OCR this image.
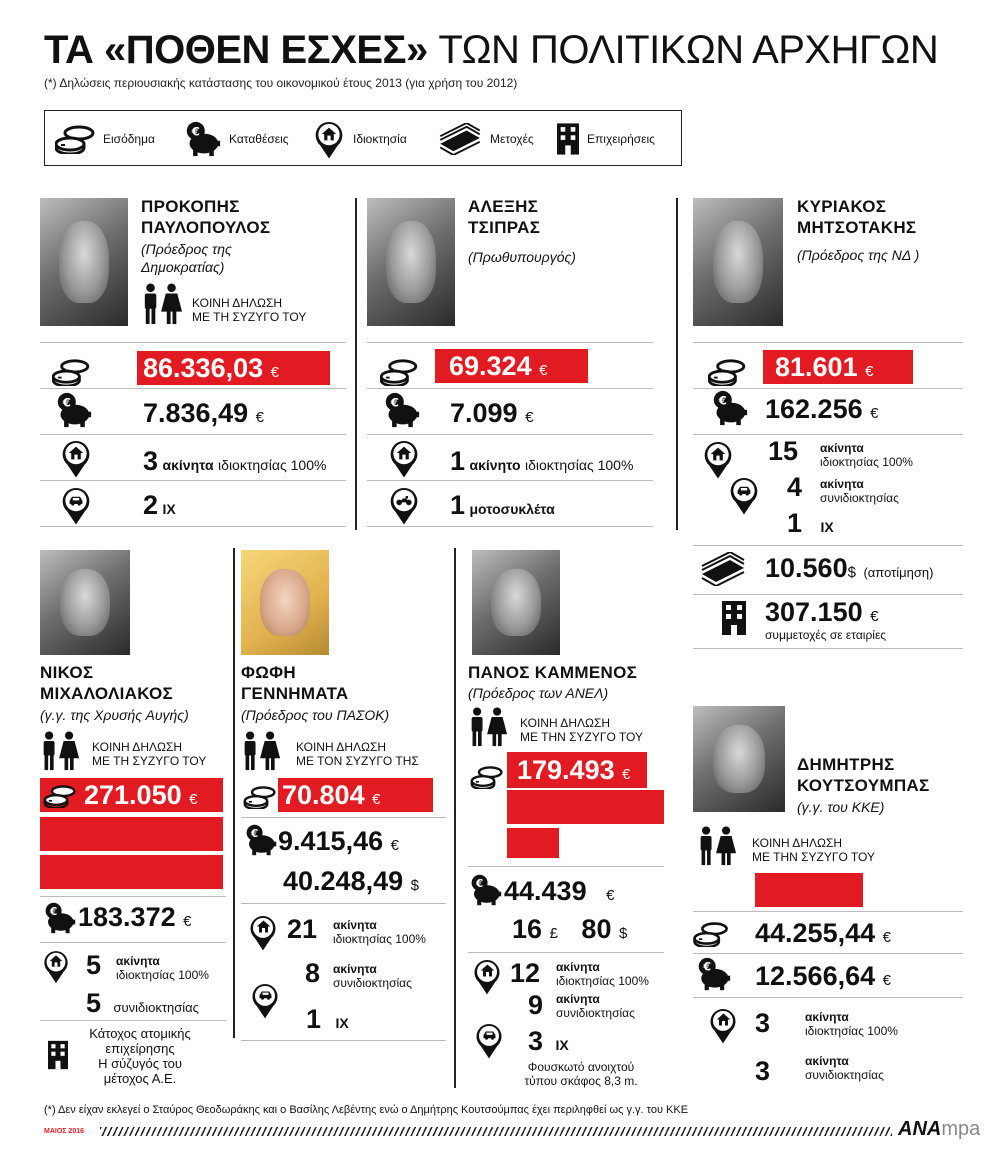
ΤΑ «ΠΟΘΕΝ ΕΣΧΕΣ» ΤΩΝ ΠΟΛΙΤΙΚΩΝ ΑΡΧΗΓΩΝ
(*) Δηλώσεις περιουσιακής κατάστασης του οικονομικού έτους 2013 (για χρήση του 2012)
Εισόδημα	Καταθέσεις	Ιδιοκτησία	Μετοχές	Επιχειρήσεις
ΠΡΟΚΟΠΗΣ
ΠΑΥΛΟΠΟΥΛΟΣ
(Πρόεδρος της
Δημοκρατίας)
ΚΟΙΝΗ ΔΗΛΩΣΗ
ΜΕ ΤΗ ΣΥΖΥΓΟ ΤΟΥ
86.336,03 €
7.836,49 €
3 ακίνητα ιδιοκτησίας 100%
2 ΙΧ
ΑΛΕΞΗΣ
ΤΣΙΠΡΑΣ
(Πρωθυπουργός)
69.324 €
7.099 €
1 ακίνητο ιδιοκτησίας 100%
1 μοτοσυκλέτα
ΚΥΡΙΑΚΟΣ
ΜΗΤΣΟΤΑΚΗΣ
(Πρόεδρος της ΝΔ )
81.601 €
162.256 €
15 ακίνητα
ιδιοκτησίας 100%
4 ακίνητα
συνιδιοκτησίας
1 ΙΧ
10.560$ (αποτίμηση)
307.150 €
συμμετοχές σε εταιρίες
ΝΙΚΟΣ
ΜΙΧΑΛΟΛΙΑΚΟΣ
(γ.γ. της Χρυσής Αυγής)
ΚΟΙΝΗ ΔΗΛΩΣΗ
ΜΕ ΤΗ ΣΥΖΥΓΟ ΤΟΥ
271.050 €
183.372 €
5 ακίνητα
ιδιοκτησίας 100%
5 συνιδιοκτησίας
Κάτοχος ατομικής
επιχείρησης
Η σύζυγός του
μέτοχος Α.Ε.
ΦΩΦΗ
ΓΕΝΝΗΜΑΤΑ
(Πρόεδρος του ΠΑΣΟΚ)
ΚΟΙΝΗ ΔΗΛΩΣΗ
ΜΕ ΤΟΝ ΣΥΖΥΓΟ ΤΗΣ
70.804 €
9.415,46 €
40.248,49 $
21 ακίνητα
ιδιοκτησίας 100%
8 ακίνητα
συνιδιοκτησίας
1 ΙΧ
ΠΑΝΟΣ ΚΑΜΜΕΝΟΣ
(Πρόεδρος των ΑΝΕΛ)
ΚΟΙΝΗ ΔΗΛΩΣΗ
ΜΕ ΤΗΝ ΣΥΖΥΓΟ ΤΟΥ
179.493 €
44.439 €
16 £ 80 $
12 ακίνητα
ιδιοκτησίας 100%
9 ακίνητα
συνιδιοκτησίας
3 ΙΧ
Φουσκωτό ανοιχτού
τύπου σκάφος 8,3 m.
ΔΗΜΗΤΡΗΣ
ΚΟΥΤΣΟΥΜΠΑΣ
(γ.γ. του ΚΚΕ)
ΚΟΙΝΗ ΔΗΛΩΣΗ
ΜΕ ΤΗΝ ΣΥΖΥΓΟ ΤΟΥ
44.255,44 €
12.566,64 €
3	ακίνητα
ιδιοκτησίας 100%
3	ακίνητα
συνιδιοκτησίας
(*) Δεν είχαν εκλεγεί ο Σταύρος Θεοδωράκης και ο Βασίλης Λεβέντης ενώ ο Δημήτρης Κουτσούμπας έχει περιληφθεί ως γ.γ. του ΚΚΕ
ΜΑΙΟΣ 2016	ANAmpa
